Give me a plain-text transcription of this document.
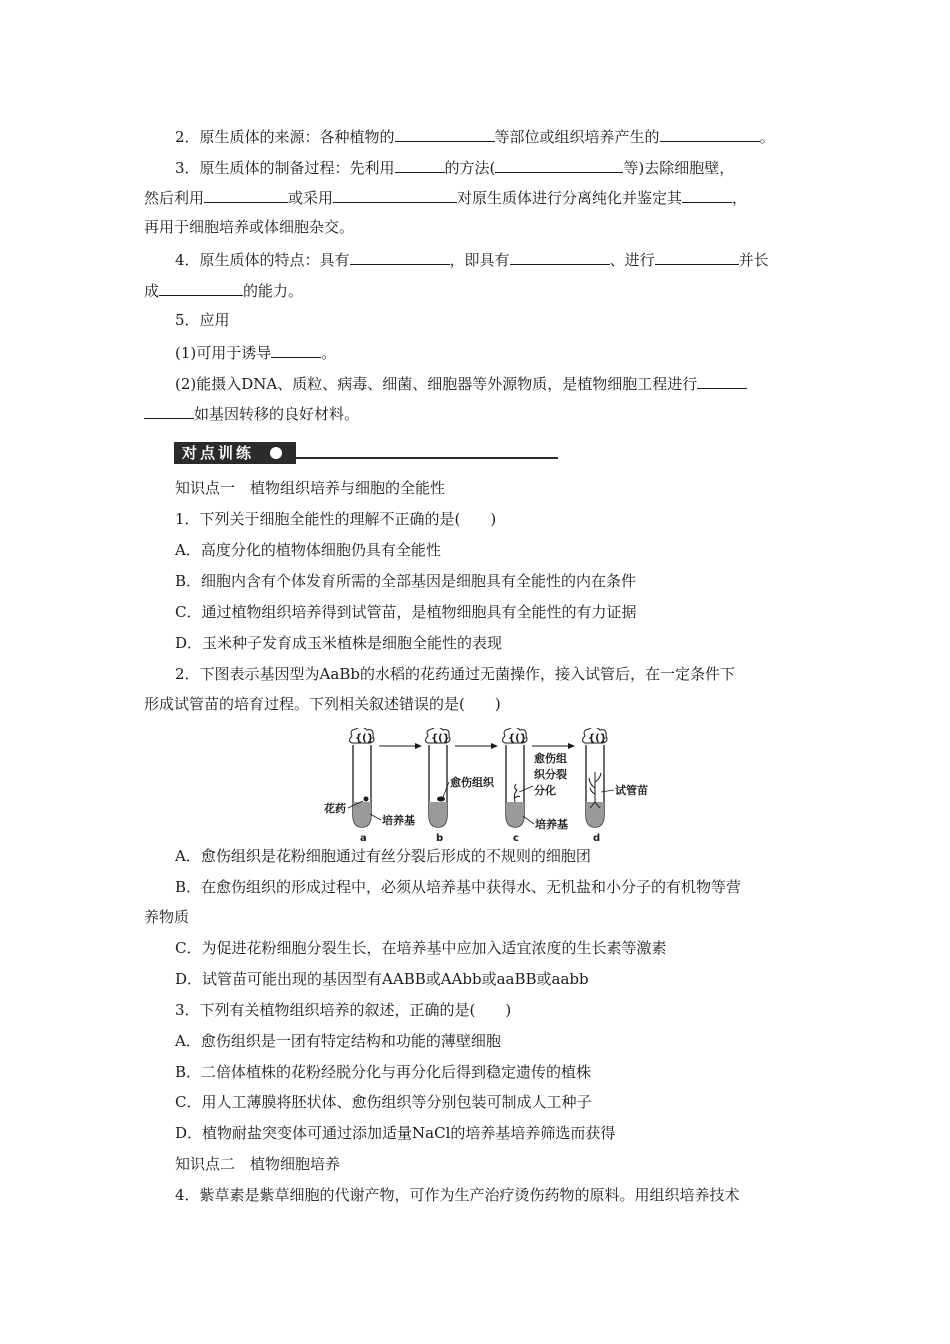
2．原生质体的来源：各种植物的	等部位或组织培养产生的	。
3．原生质体的制备过程：先利用	的方法(	等)去除细胞壁，
然后利用	或采用	对原生质体进行分离纯化并鉴定其	，
再用于细胞培养或体细胞杂交。
4．原生质体的特点：具有	，即具有	、进行	并长
成	的能力。
5．应用
(1)可用于诱导	。
(2)能摄入DNA、质粒、病毒、细菌、细胞器等外源物质，是植物细胞工程进行
如基因转移的良好材料。
对点训练
知识点一　植物组织培养与细胞的全能性
1．下列关于细胞全能性的理解不正确的是(　　)
A．高度分化的植物体细胞仍具有全能性
B．细胞内含有个体发育所需的全部基因是细胞具有全能性的内在条件
C．通过植物组织培养得到试管苗，是植物细胞具有全能性的有力证据
D．玉米种子发育成玉米植株是细胞全能性的表现
2．下图表示基因型为AaBb的水稻的花药通过无菌操作，接入试管后，在一定条件下
形成试管苗的培育过程。下列相关叙述错误的是(　　)
{(}	{(}	{(}	{(}
花药
培养基
愈伤组织
愈伤组
织分裂
分化
培养基
试管苗
a	b	c	d
A．愈伤组织是花粉细胞通过有丝分裂后形成的不规则的细胞团
B．在愈伤组织的形成过程中，必须从培养基中获得水、无机盐和小分子的有机物等营
养物质
C．为促进花粉细胞分裂生长，在培养基中应加入适宜浓度的生长素等激素
D．试管苗可能出现的基因型有AABB或AAbb或aaBB或aabb
3．下列有关植物组织培养的叙述，正确的是(　　)
A．愈伤组织是一团有特定结构和功能的薄壁细胞
B．二倍体植株的花粉经脱分化与再分化后得到稳定遗传的植株
C．用人工薄膜将胚状体、愈伤组织等分别包装可制成人工种子
D．植物耐盐突变体可通过添加适量NaCl的培养基培养筛选而获得
知识点二　植物细胞培养
4．紫草素是紫草细胞的代谢产物，可作为生产治疗烫伤药物的原料。用组织培养技术
